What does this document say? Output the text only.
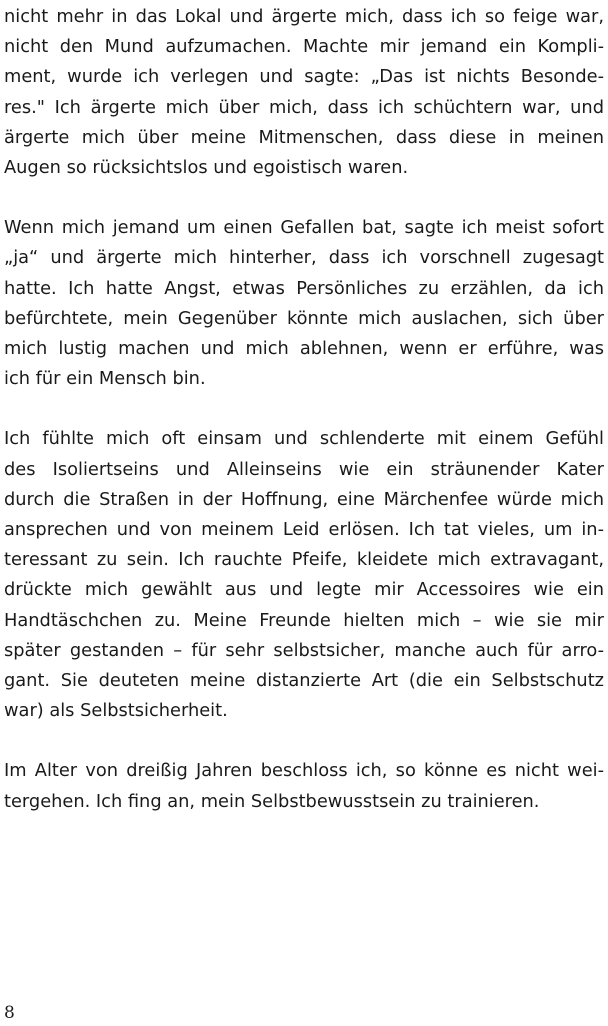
nicht mehr in das Lokal und ärgerte mich, dass ich so feige war,
nicht den Mund aufzumachen. Machte mir jemand ein Kompli-
ment, wurde ich verlegen und sagte: „Das ist nichts Besonde-
res." Ich ärgerte mich über mich, dass ich schüchtern war, und
ärgerte mich über meine Mitmenschen, dass diese in meinen
Augen so rücksichtslos und egoistisch waren.

Wenn mich jemand um einen Gefallen bat, sagte ich meist sofort
„ja“ und ärgerte mich hinterher, dass ich vorschnell zugesagt
hatte. Ich hatte Angst, etwas Persönliches zu erzählen, da ich
befürchtete, mein Gegenüber könnte mich auslachen, sich über
mich lustig machen und mich ablehnen, wenn er erführe, was
ich für ein Mensch bin.

Ich fühlte mich oft einsam und schlenderte mit einem Gefühl
des Isoliertseins und Alleinseins wie ein sträunender Kater
durch die Straßen in der Hoffnung, eine Märchenfee würde mich
ansprechen und von meinem Leid erlösen. Ich tat vieles, um in-
teressant zu sein. Ich rauchte Pfeife, kleidete mich extravagant,
drückte mich gewählt aus und legte mir Accessoires wie ein
Handtäschchen zu. Meine Freunde hielten mich – wie sie mir
später gestanden – für sehr selbstsicher, manche auch für arro-
gant. Sie deuteten meine distanzierte Art (die ein Selbstschutz
war) als Selbstsicherheit.

Im Alter von dreißig Jahren beschloss ich, so könne es nicht wei-
tergehen. Ich fing an, mein Selbstbewusstsein zu trainieren.

8
